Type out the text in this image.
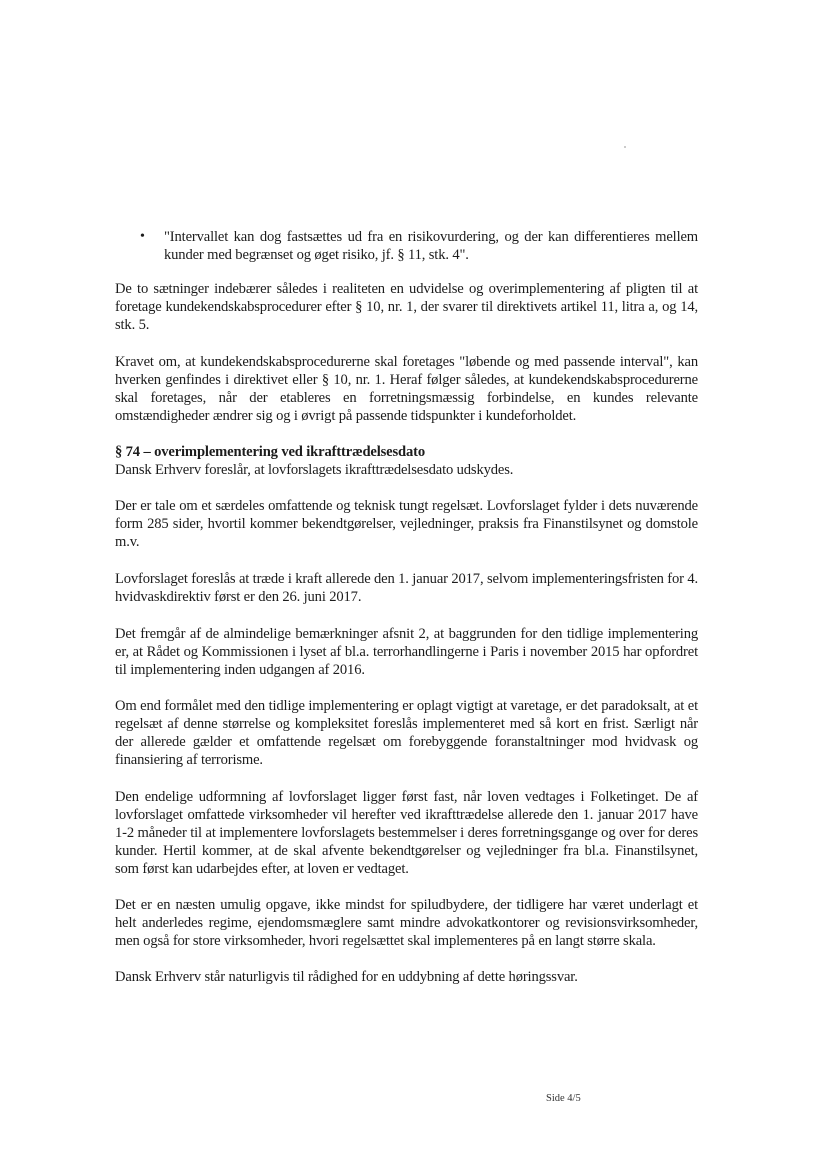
• "Intervallet kan dog fastsættes ud fra en risikovurdering, og der kan differentieres mellem kunder med begrænset og øget risiko, jf. § 11, stk. 4".
De to sætninger indebærer således i realiteten en udvidelse og overimplementering af pligten til at foretage kundekendskabsprocedurer efter § 10, nr. 1, der svarer til direktivets artikel 11, litra a, og 14, stk. 5.
Kravet om, at kundekendskabsprocedurerne skal foretages "løbende og med passende interval", kan hverken genfindes i direktivet eller § 10, nr. 1. Heraf følger således, at kundekendskabsprocedurerne skal foretages, når der etableres en forretningsmæssig forbindelse, en kundes relevante omstændigheder ændrer sig og i øvrigt på passende tidspunkter i kundeforholdet.
§ 74 – overimplementering ved ikrafttrædelsesdato
Dansk Erhverv foreslår, at lovforslagets ikrafttrædelsesdato udskydes.
Der er tale om et særdeles omfattende og teknisk tungt regelsæt. Lovforslaget fylder i dets nuværende form 285 sider, hvortil kommer bekendtgørelser, vejledninger, praksis fra Finanstilsynet og domstole m.v.
Lovforslaget foreslås at træde i kraft allerede den 1. januar 2017, selvom implementeringsfristen for 4. hvidvaskdirektiv først er den 26. juni 2017.
Det fremgår af de almindelige bemærkninger afsnit 2, at baggrunden for den tidlige implementering er, at Rådet og Kommissionen i lyset af bl.a. terrorhandlingerne i Paris i november 2015 har opfordret til implementering inden udgangen af 2016.
Om end formålet med den tidlige implementering er oplagt vigtigt at varetage, er det paradoksalt, at et regelsæt af denne størrelse og kompleksitet foreslås implementeret med så kort en frist. Særligt når der allerede gælder et omfattende regelsæt om forebyggende foranstaltninger mod hvidvask og finansiering af terrorisme.
Den endelige udformning af lovforslaget ligger først fast, når loven vedtages i Folketinget. De af lovforslaget omfattede virksomheder vil herefter ved ikrafttrædelse allerede den 1. januar 2017 have 1-2 måneder til at implementere lovforslagets bestemmelser i deres forretningsgange og over for deres kunder. Hertil kommer, at de skal afvente bekendtgørelser og vejledninger fra bl.a. Finanstilsynet, som først kan udarbejdes efter, at loven er vedtaget.
Det er en næsten umulig opgave, ikke mindst for spiludbydere, der tidligere har været underlagt et helt anderledes regime, ejendomsmæglere samt mindre advokatkontorer og revisionsvirksomheder, men også for store virksomheder, hvori regelsættet skal implementeres på en langt større skala.
Dansk Erhverv står naturligvis til rådighed for en uddybning af dette høringssvar.
Side 4/5
